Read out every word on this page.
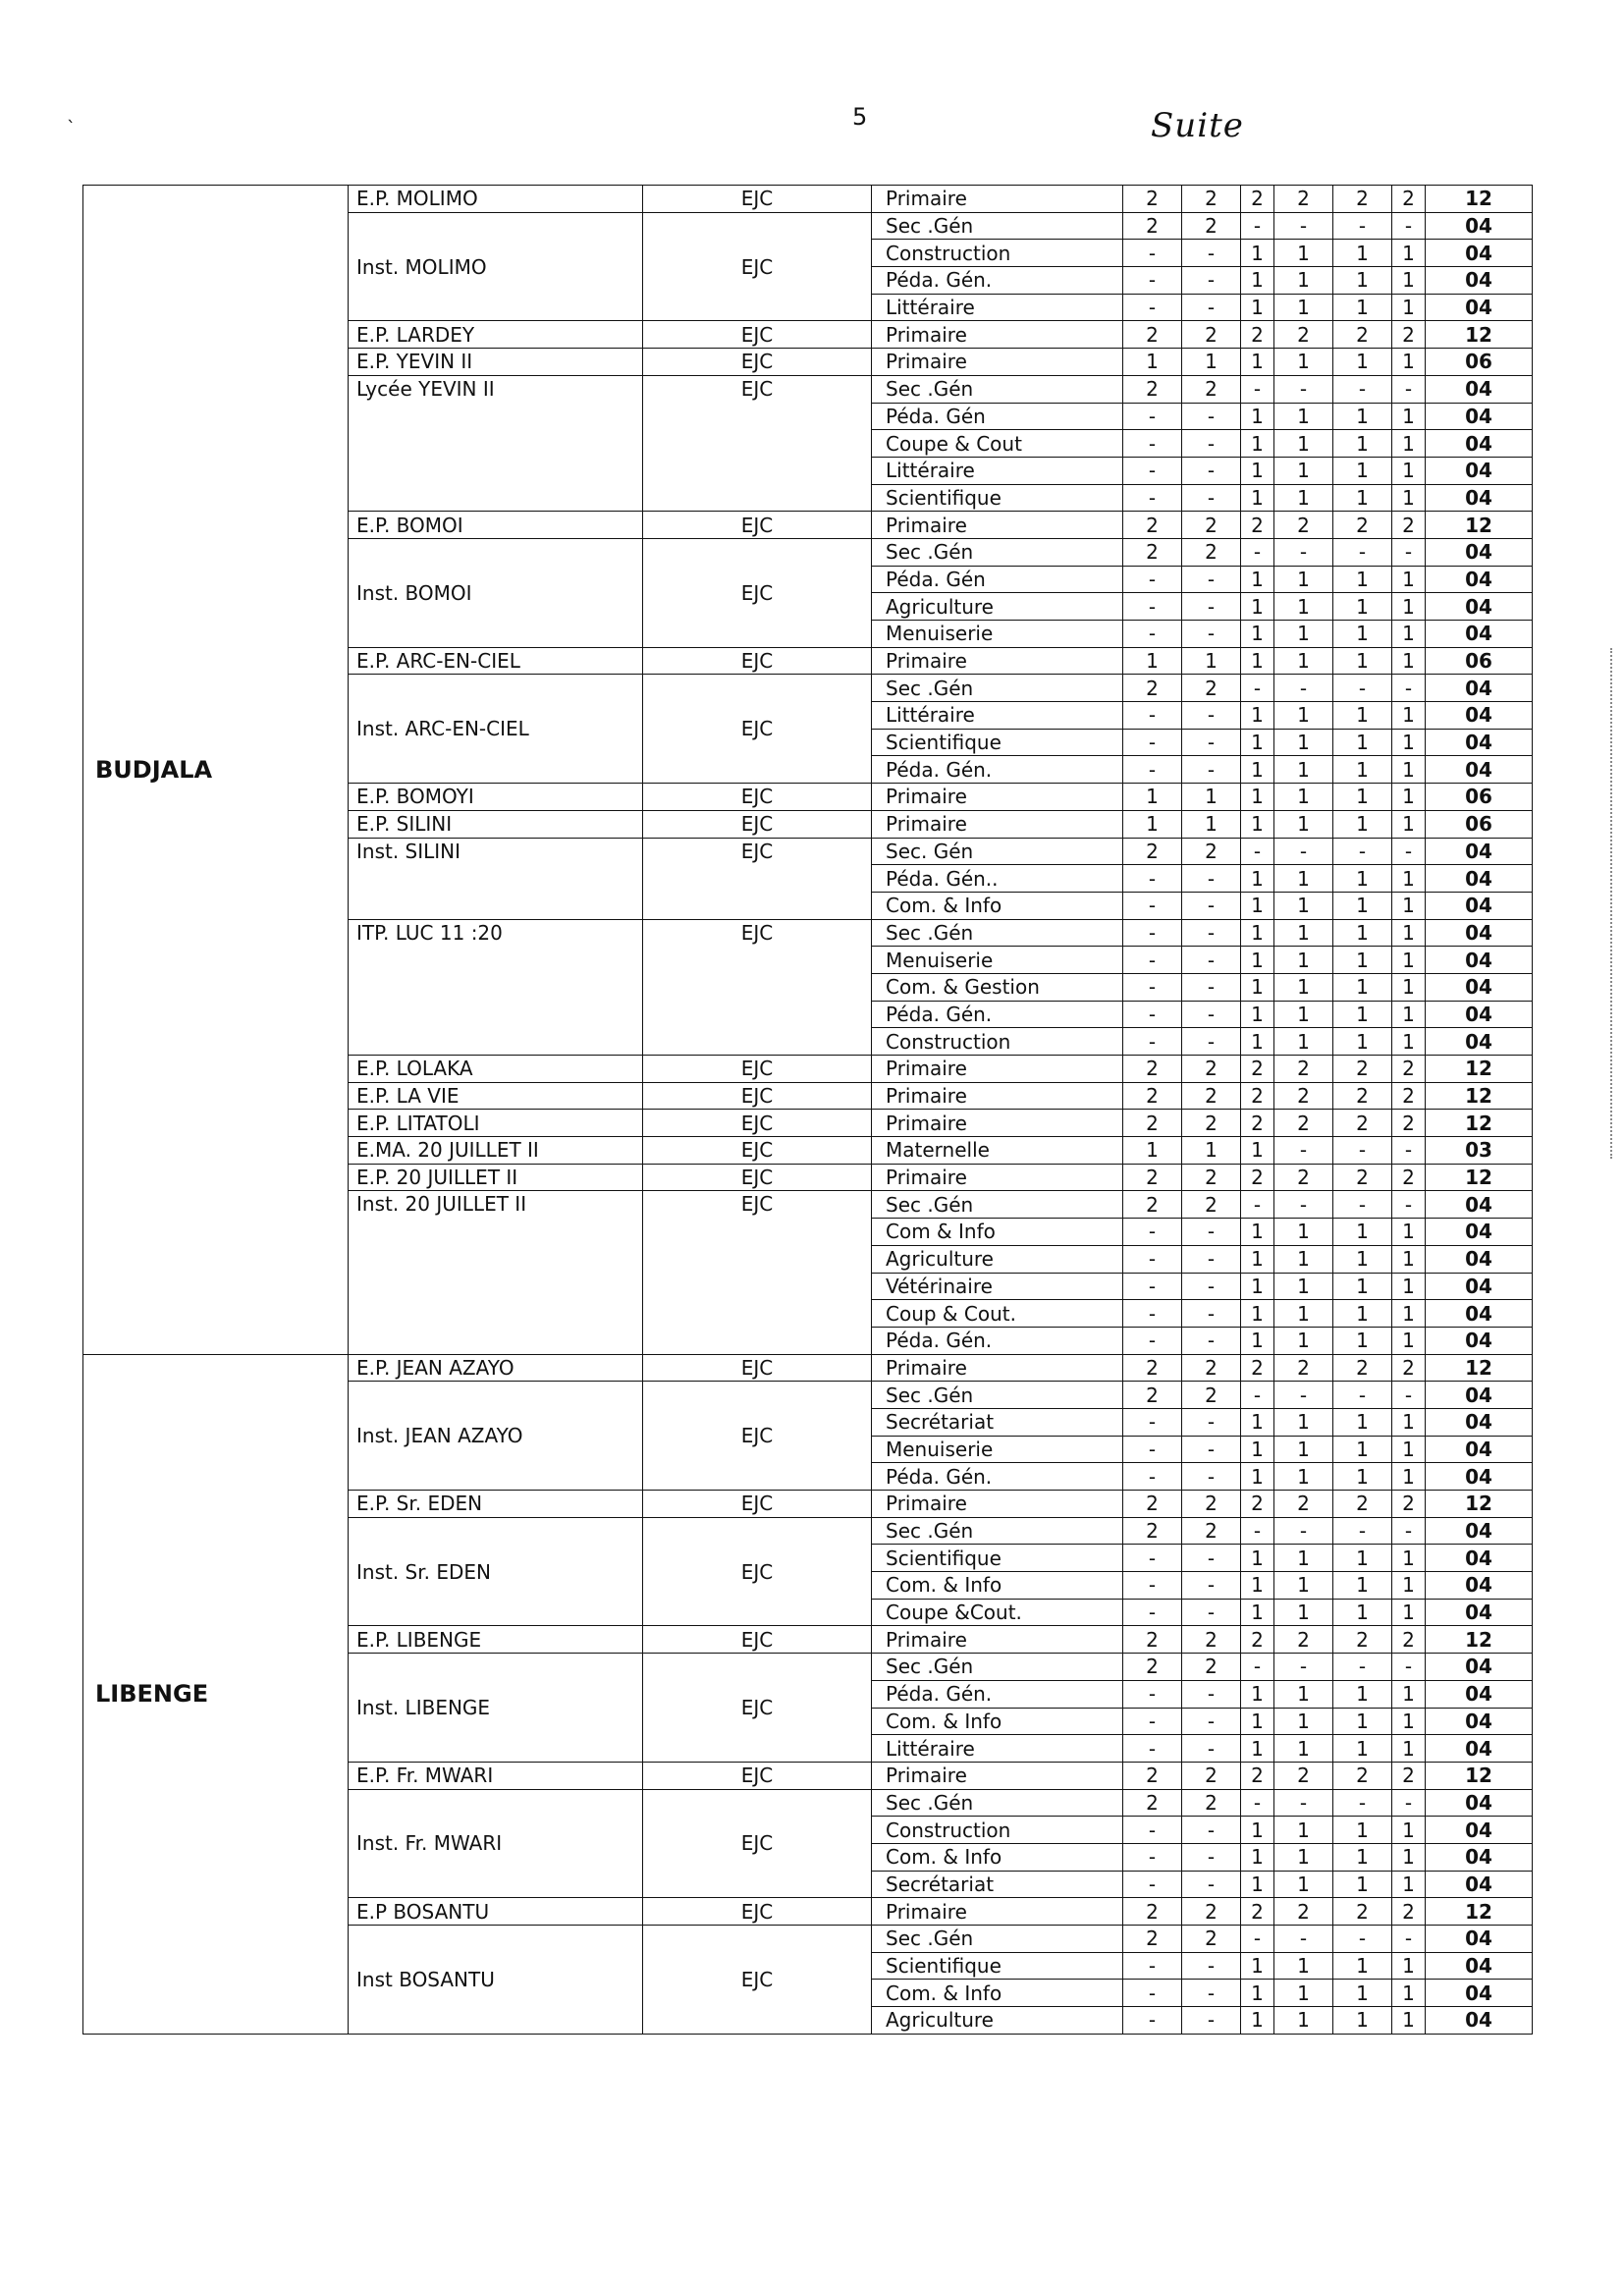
`	5	Suite
BUDJALA	E.P. MOLIMO	EJC	Primaire	2	2	2	2	2	2	12
	Inst. MOLIMO	EJC	Sec .Gén	2	2	-	-	-	-	04
			Construction	-	-	1	1	1	1	04
			Péda. Gén.	-	-	1	1	1	1	04
			Littéraire	-	-	1	1	1	1	04
	E.P. LARDEY	EJC	Primaire	2	2	2	2	2	2	12
	E.P. YEVIN II	EJC	Primaire	1	1	1	1	1	1	06
	Lycée YEVIN II	EJC	Sec .Gén	2	2	-	-	-	-	04
			Péda. Gén	-	-	1	1	1	1	04
			Coupe & Cout	-	-	1	1	1	1	04
			Littéraire	-	-	1	1	1	1	04
			Scientifique	-	-	1	1	1	1	04
	E.P. BOMOI	EJC	Primaire	2	2	2	2	2	2	12
	Inst. BOMOI	EJC	Sec .Gén	2	2	-	-	-	-	04
			Péda. Gén	-	-	1	1	1	1	04
			Agriculture	-	-	1	1	1	1	04
			Menuiserie	-	-	1	1	1	1	04
	E.P. ARC-EN-CIEL	EJC	Primaire	1	1	1	1	1	1	06
	Inst. ARC-EN-CIEL	EJC	Sec .Gén	2	2	-	-	-	-	04
			Littéraire	-	-	1	1	1	1	04
			Scientifique	-	-	1	1	1	1	04
			Péda. Gén.	-	-	1	1	1	1	04
	E.P. BOMOYI	EJC	Primaire	1	1	1	1	1	1	06
	E.P. SILINI	EJC	Primaire	1	1	1	1	1	1	06
	Inst. SILINI	EJC	Sec. Gén	2	2	-	-	-	-	04
			Péda. Gén..	-	-	1	1	1	1	04
			Com. & Info	-	-	1	1	1	1	04
	ITP. LUC 11 :20	EJC	Sec .Gén	-	-	1	1	1	1	04
			Menuiserie	-	-	1	1	1	1	04
			Com. & Gestion	-	-	1	1	1	1	04
			Péda. Gén.	-	-	1	1	1	1	04
			Construction	-	-	1	1	1	1	04
	E.P. LOLAKA	EJC	Primaire	2	2	2	2	2	2	12
	E.P. LA VIE	EJC	Primaire	2	2	2	2	2	2	12
	E.P. LITATOLI	EJC	Primaire	2	2	2	2	2	2	12
	E.MA. 20 JUILLET II	EJC	Maternelle	1	1	1	-	-	-	03
	E.P. 20 JUILLET II	EJC	Primaire	2	2	2	2	2	2	12
	Inst. 20 JUILLET II	EJC	Sec .Gén	2	2	-	-	-	-	04
			Com & Info	-	-	1	1	1	1	04
			Agriculture	-	-	1	1	1	1	04
			Vétérinaire	-	-	1	1	1	1	04
			Coup & Cout.	-	-	1	1	1	1	04
			Péda. Gén.	-	-	1	1	1	1	04
LIBENGE	E.P. JEAN AZAYO	EJC	Primaire	2	2	2	2	2	2	12
	Inst. JEAN AZAYO	EJC	Sec .Gén	2	2	-	-	-	-	04
			Secrétariat	-	-	1	1	1	1	04
			Menuiserie	-	-	1	1	1	1	04
			Péda. Gén.	-	-	1	1	1	1	04
	E.P. Sr. EDEN	EJC	Primaire	2	2	2	2	2	2	12
	Inst. Sr. EDEN	EJC	Sec .Gén	2	2	-	-	-	-	04
			Scientifique	-	-	1	1	1	1	04
			Com. & Info	-	-	1	1	1	1	04
			Coupe &Cout.	-	-	1	1	1	1	04
	E.P. LIBENGE	EJC	Primaire	2	2	2	2	2	2	12
	Inst. LIBENGE	EJC	Sec .Gén	2	2	-	-	-	-	04
			Péda. Gén.	-	-	1	1	1	1	04
			Com. & Info	-	-	1	1	1	1	04
			Littéraire	-	-	1	1	1	1	04
	E.P. Fr. MWARI	EJC	Primaire	2	2	2	2	2	2	12
	Inst. Fr. MWARI	EJC	Sec .Gén	2	2	-	-	-	-	04
			Construction	-	-	1	1	1	1	04
			Com. & Info	-	-	1	1	1	1	04
			Secrétariat	-	-	1	1	1	1	04
	E.P BOSANTU	EJC	Primaire	2	2	2	2	2	2	12
	Inst BOSANTU	EJC	Sec .Gén	2	2	-	-	-	-	04
			Scientifique	-	-	1	1	1	1	04
			Com. & Info	-	-	1	1	1	1	04
			Agriculture	-	-	1	1	1	1	04
